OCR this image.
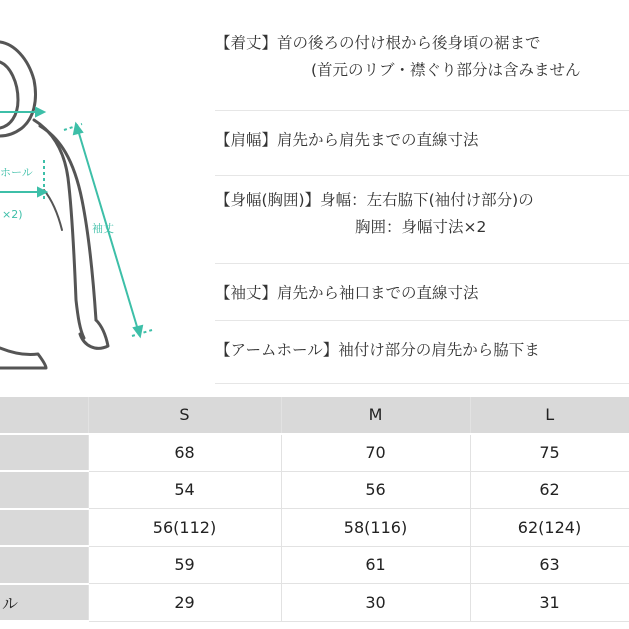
ホール
×2)
袖丈
【着丈】首の後ろの付け根から後身頃の裾まで
(首元のリブ・襟ぐり部分は含みません
【肩幅】肩先から肩先までの直線寸法
【身幅(胸囲)】身幅：左右脇下(袖付け部分)の
胸囲：身幅寸法×2
【袖丈】肩先から袖口までの直線寸法
【アームホール】袖付け部分の肩先から脇下ま
	S	M	L
	68	70	75
	54	56	62
	56(112)	58(116)	62(124)
	59	61	63
ル	29	30	31
